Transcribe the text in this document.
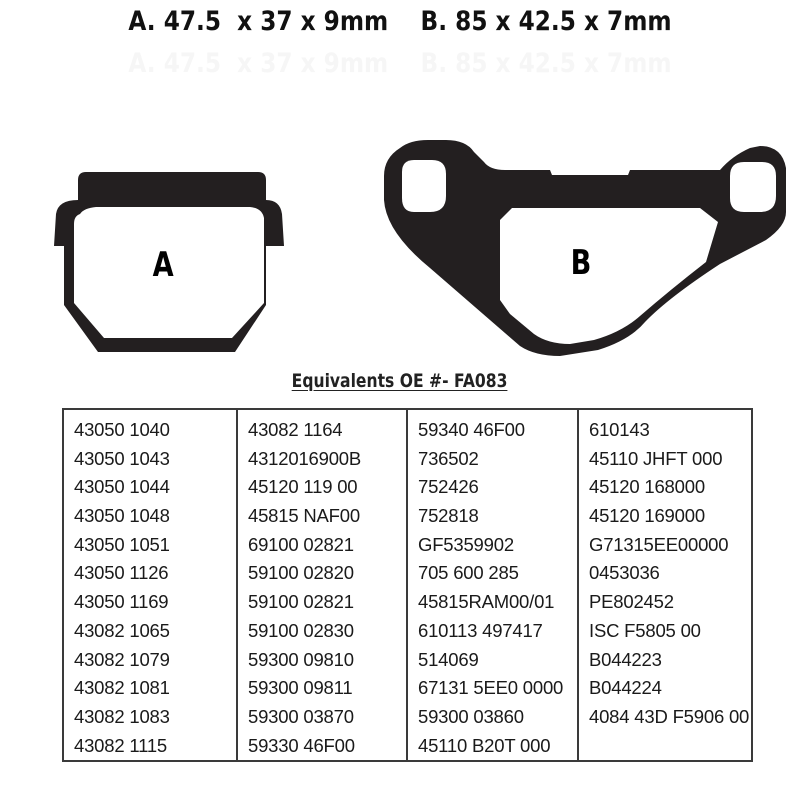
A. 47.5  x 37 x 9mm    B. 85 x 42.5 x 7mm
A. 47.5  x 37 x 9mm    B. 85 x 42.5 x 7mm
A	B
Equivalents OE #- FA083
43050 1040
43050 1043
43050 1044
43050 1048
43050 1051
43050 1126
43050 1169
43082 1065
43082 1079
43082 1081
43082 1083
43082 1115
43082 1164
4312016900B
45120 119 00
45815 NAF00
69100 02821
59100 02820
59100 02821
59100 02830
59300 09810
59300 09811
59300 03870
59330 46F00
59340 46F00
736502
752426
752818
GF5359902
705 600 285
45815RAM00/01
610113 497417
514069
67131 5EE0 0000
59300 03860
45110 B20T 000
610143
45110 JHFT 000
45120 168000
45120 169000
G71315EE00000
0453036
PE802452
ISC F5805 00
B044223
B044224
4084 43D F5906 00
